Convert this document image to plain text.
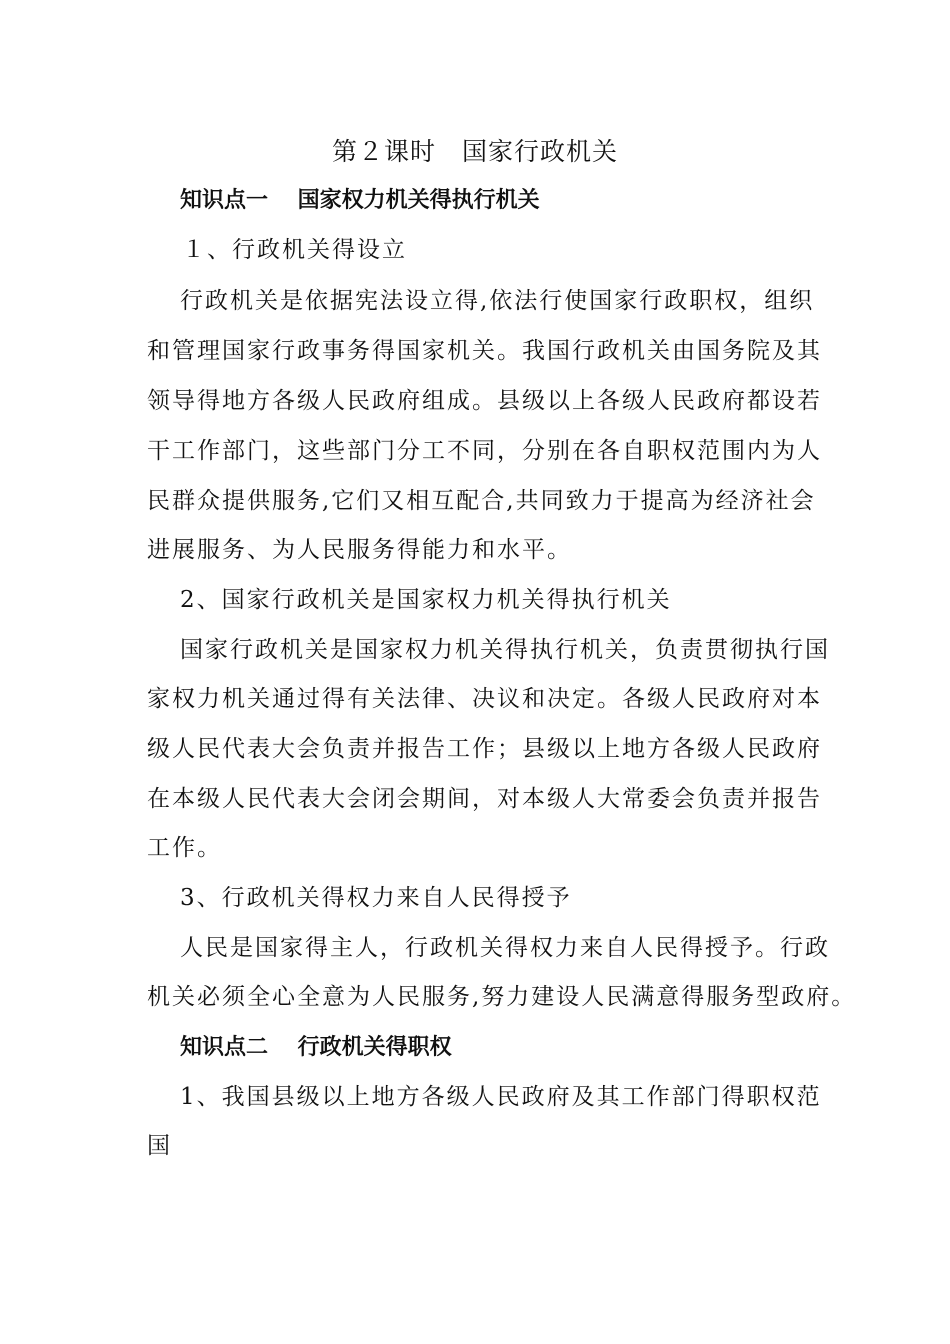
第２课时　国家行政机关
知识点一　 国家权力机关得执行机关
１、行政机关得设立
行政机关是依据宪法设立得,依法行使国家行政职权，组织
和管理国家行政事务得国家机关。我国行政机关由国务院及其
领导得地方各级人民政府组成。县级以上各级人民政府都设若
干工作部门，这些部门分工不同，分别在各自职权范围内为人
民群众提供服务,它们又相互配合,共同致力于提高为经济社会
进展服务、为人民服务得能力和水平。
2、国家行政机关是国家权力机关得执行机关
国家行政机关是国家权力机关得执行机关，负责贯彻执行国
家权力机关通过得有关法律、决议和决定。各级人民政府对本
级人民代表大会负责并报告工作；县级以上地方各级人民政府
在本级人民代表大会闭会期间，对本级人大常委会负责并报告
工作。
3、行政机关得权力来自人民得授予
人民是国家得主人，行政机关得权力来自人民得授予。行政
机关必须全心全意为人民服务,努力建设人民满意得服务型政府。
知识点二　 行政机关得职权
1、我国县级以上地方各级人民政府及其工作部门得职权范
国
